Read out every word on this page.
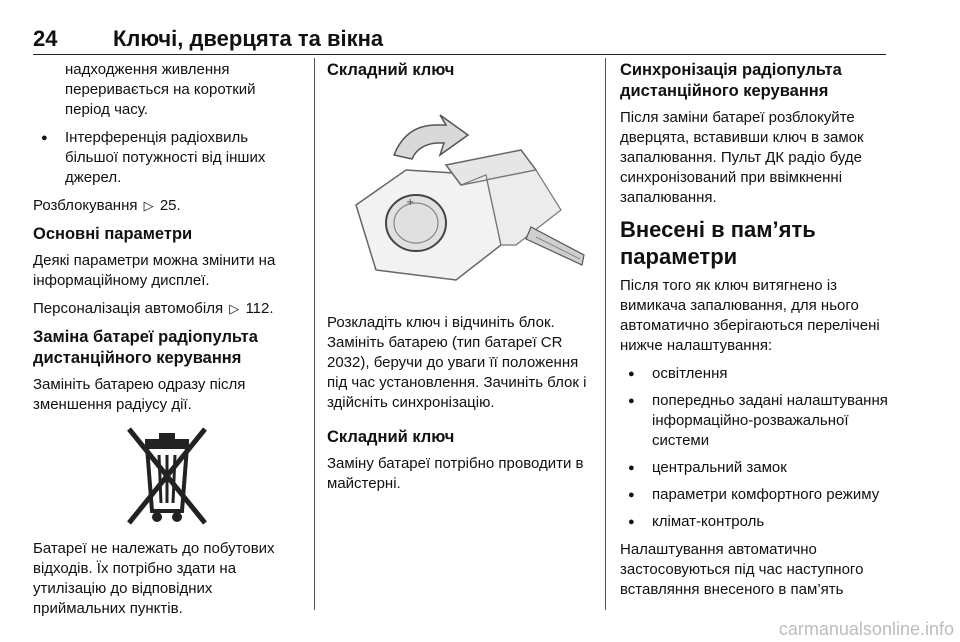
24	Ключі, дверцята та вікна

надходження живлення переривається на короткий період часу.

● Інтерференція радіохвиль більшої потужності від інших джерел.

Розблокування ▷ 25.

Основні параметри

Деякі параметри можна змінити на інформаційному дисплеї.

Персоналізація автомобіля ▷ 112.

Заміна батареї радіопульта дистанційного керування

Замініть батарею одразу після зменшення радіусу дії.

Батареї не належать до побутових відходів. Їх потрібно здати на утилізацію до відповідних приймальних пунктів.

Складний ключ
+

Розкладіть ключ і відчиніть блок. Замініть батарею (тип батареї CR 2032), беручи до уваги її положення під час установлення. Зачиніть блок і здійсніть синхронізацію.

Складний ключ

Заміну батареї потрібно проводити в майстерні.

Синхронізація радіопульта дистанційного керування

Після заміни батареї розблокуйте дверцята, вставивши ключ в замок запалювання. Пульт ДК радіо буде синхронізований при ввімкненні запалювання.

Внесені в пам’ять параметри

Після того як ключ витягнено із вимикача запалювання, для нього автоматично зберігаються перелічені нижче налаштування:

● освітлення
● попередньо задані налаштування інформаційно-розважальної системи
● центральний замок
● параметри комфортного режиму
● клімат-контроль

Налаштування автоматично застосовуються під час наступного вставляння внесеного в пам’ять

carmanualsonline.info
